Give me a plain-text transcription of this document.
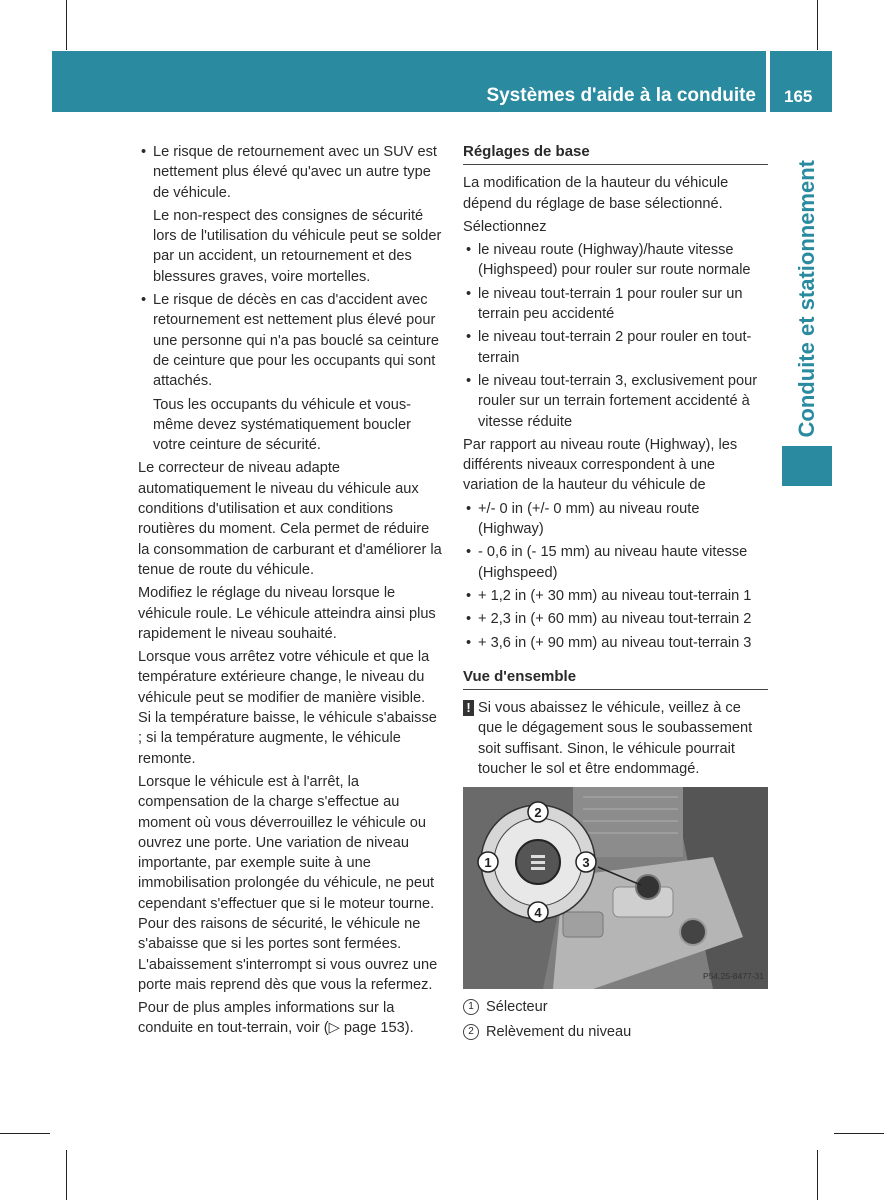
Systèmes d'aide à la conduite 165
Conduite et stationnement
• Le risque de retournement avec un SUV est nettement plus élevé qu'avec un autre type de véhicule.

Le non-respect des consignes de sécurité lors de l'utilisation du véhicule peut se solder par un accident, un retournement et des blessures graves, voire mortelles.

• Le risque de décès en cas d'accident avec retournement est nettement plus élevé pour une personne qui n'a pas bouclé sa ceinture de ceinture que pour les occupants qui sont attachés.

Tous les occupants du véhicule et vous-même devez systématiquement boucler votre ceinture de sécurité.

Le correcteur de niveau adapte automatiquement le niveau du véhicule aux conditions d'utilisation et aux conditions routières du moment. Cela permet de réduire la consommation de carburant et d'améliorer la tenue de route du véhicule.

Modifiez le réglage du niveau lorsque le véhicule roule. Le véhicule atteindra ainsi plus rapidement le niveau souhaité.

Lorsque vous arrêtez votre véhicule et que la température extérieure change, le niveau du véhicule peut se modifier de manière visible. Si la température baisse, le véhicule s'abaisse ; si la température augmente, le véhicule remonte.

Lorsque le véhicule est à l'arrêt, la compensation de la charge s'effectue au moment où vous déverrouillez le véhicule ou ouvrez une porte. Une variation de niveau importante, par exemple suite à une immobilisation prolongée du véhicule, ne peut cependant s'effectuer que si le moteur tourne. Pour des raisons de sécurité, le véhicule ne s'abaisse que si les portes sont fermées. L'abaissement s'interrompt si vous ouvrez une porte mais reprend dès que vous la refermez.

Pour de plus amples informations sur la conduite en tout-terrain, voir (▷ page 153).

Réglages de base

La modification de la hauteur du véhicule dépend du réglage de base sélectionné.

Sélectionnez

• le niveau route (Highway)/haute vitesse (Highspeed) pour rouler sur route normale
• le niveau tout-terrain 1 pour rouler sur un terrain peu accidenté
• le niveau tout-terrain 2 pour rouler en tout-terrain
• le niveau tout-terrain 3, exclusivement pour rouler sur un terrain fortement accidenté à vitesse réduite

Par rapport au niveau route (Highway), les différents niveaux correspondent à une variation de la hauteur du véhicule de

• +/- 0 in (+/- 0 mm) au niveau route (Highway)
• - 0,6 in (- 15 mm) au niveau haute vitesse (Highspeed)
• + 1,2 in (+ 30 mm) au niveau tout-terrain 1
• + 2,3 in (+ 60 mm) au niveau tout-terrain 2
• + 3,6 in (+ 90 mm) au niveau tout-terrain 3
Vue d'ensemble
! Si vous abaissez le véhicule, veillez à ce que le dégagement sous le soubassement soit suffisant. Sinon, le véhicule pourrait toucher le sol et être endommagé.
2
1	3
4
P54.25-8477-31
1 Sélecteur
2 Relèvement du niveau
